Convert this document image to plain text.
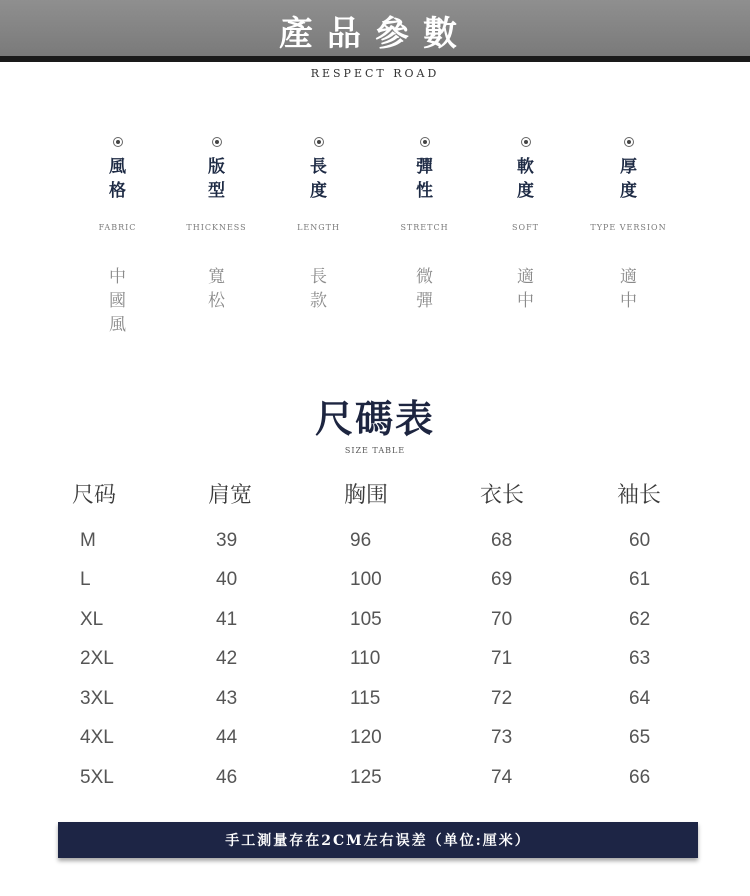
產品參數
RESPECT ROAD
風格
FABRIC
中國風
版型
THICKNESS
寬松
長度
LENGTH
長款
彈性
STRETCH
微彈
軟度
SOFT
適中
厚度
TYPE VERSION
適中
尺碼表
SIZE TABLE
尺码	肩宽	胸围	衣长	袖长
M	39	96	68	60
L	40	100	69	61
XL	41	105	70	62
2XL	42	110	71	63
3XL	43	115	72	64
4XL	44	120	73	65
5XL	46	125	74	66
手工測量存在2CM左右误差（单位:厘米）
